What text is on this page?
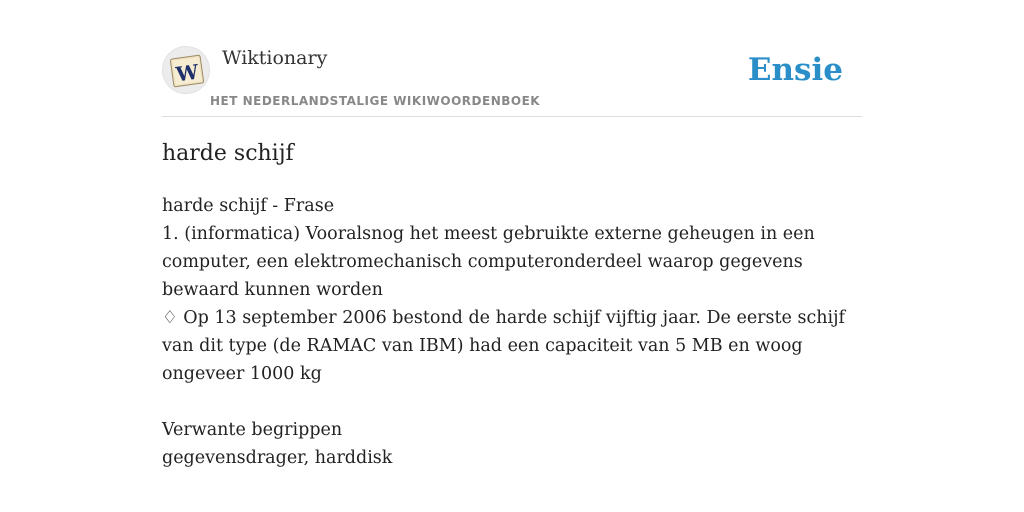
W
Wiktionary
HET NEDERLANDSTALIGE WIKIWOORDENBOEK
Ensie
harde schijf
harde schijf - Frase
1. (informatica) Vooralsnog het meest gebruikte externe geheugen in een computer, een elektromechanisch computeronderdeel waarop gegevens bewaard kunnen worden
♢ Op 13 september 2006 bestond de harde schijf vijftig jaar. De eerste schijf van dit type (de RAMAC van IBM) had een capaciteit van 5 MB en woog ongeveer 1000 kg
Verwante begrippen
gegevensdrager, harddisk
